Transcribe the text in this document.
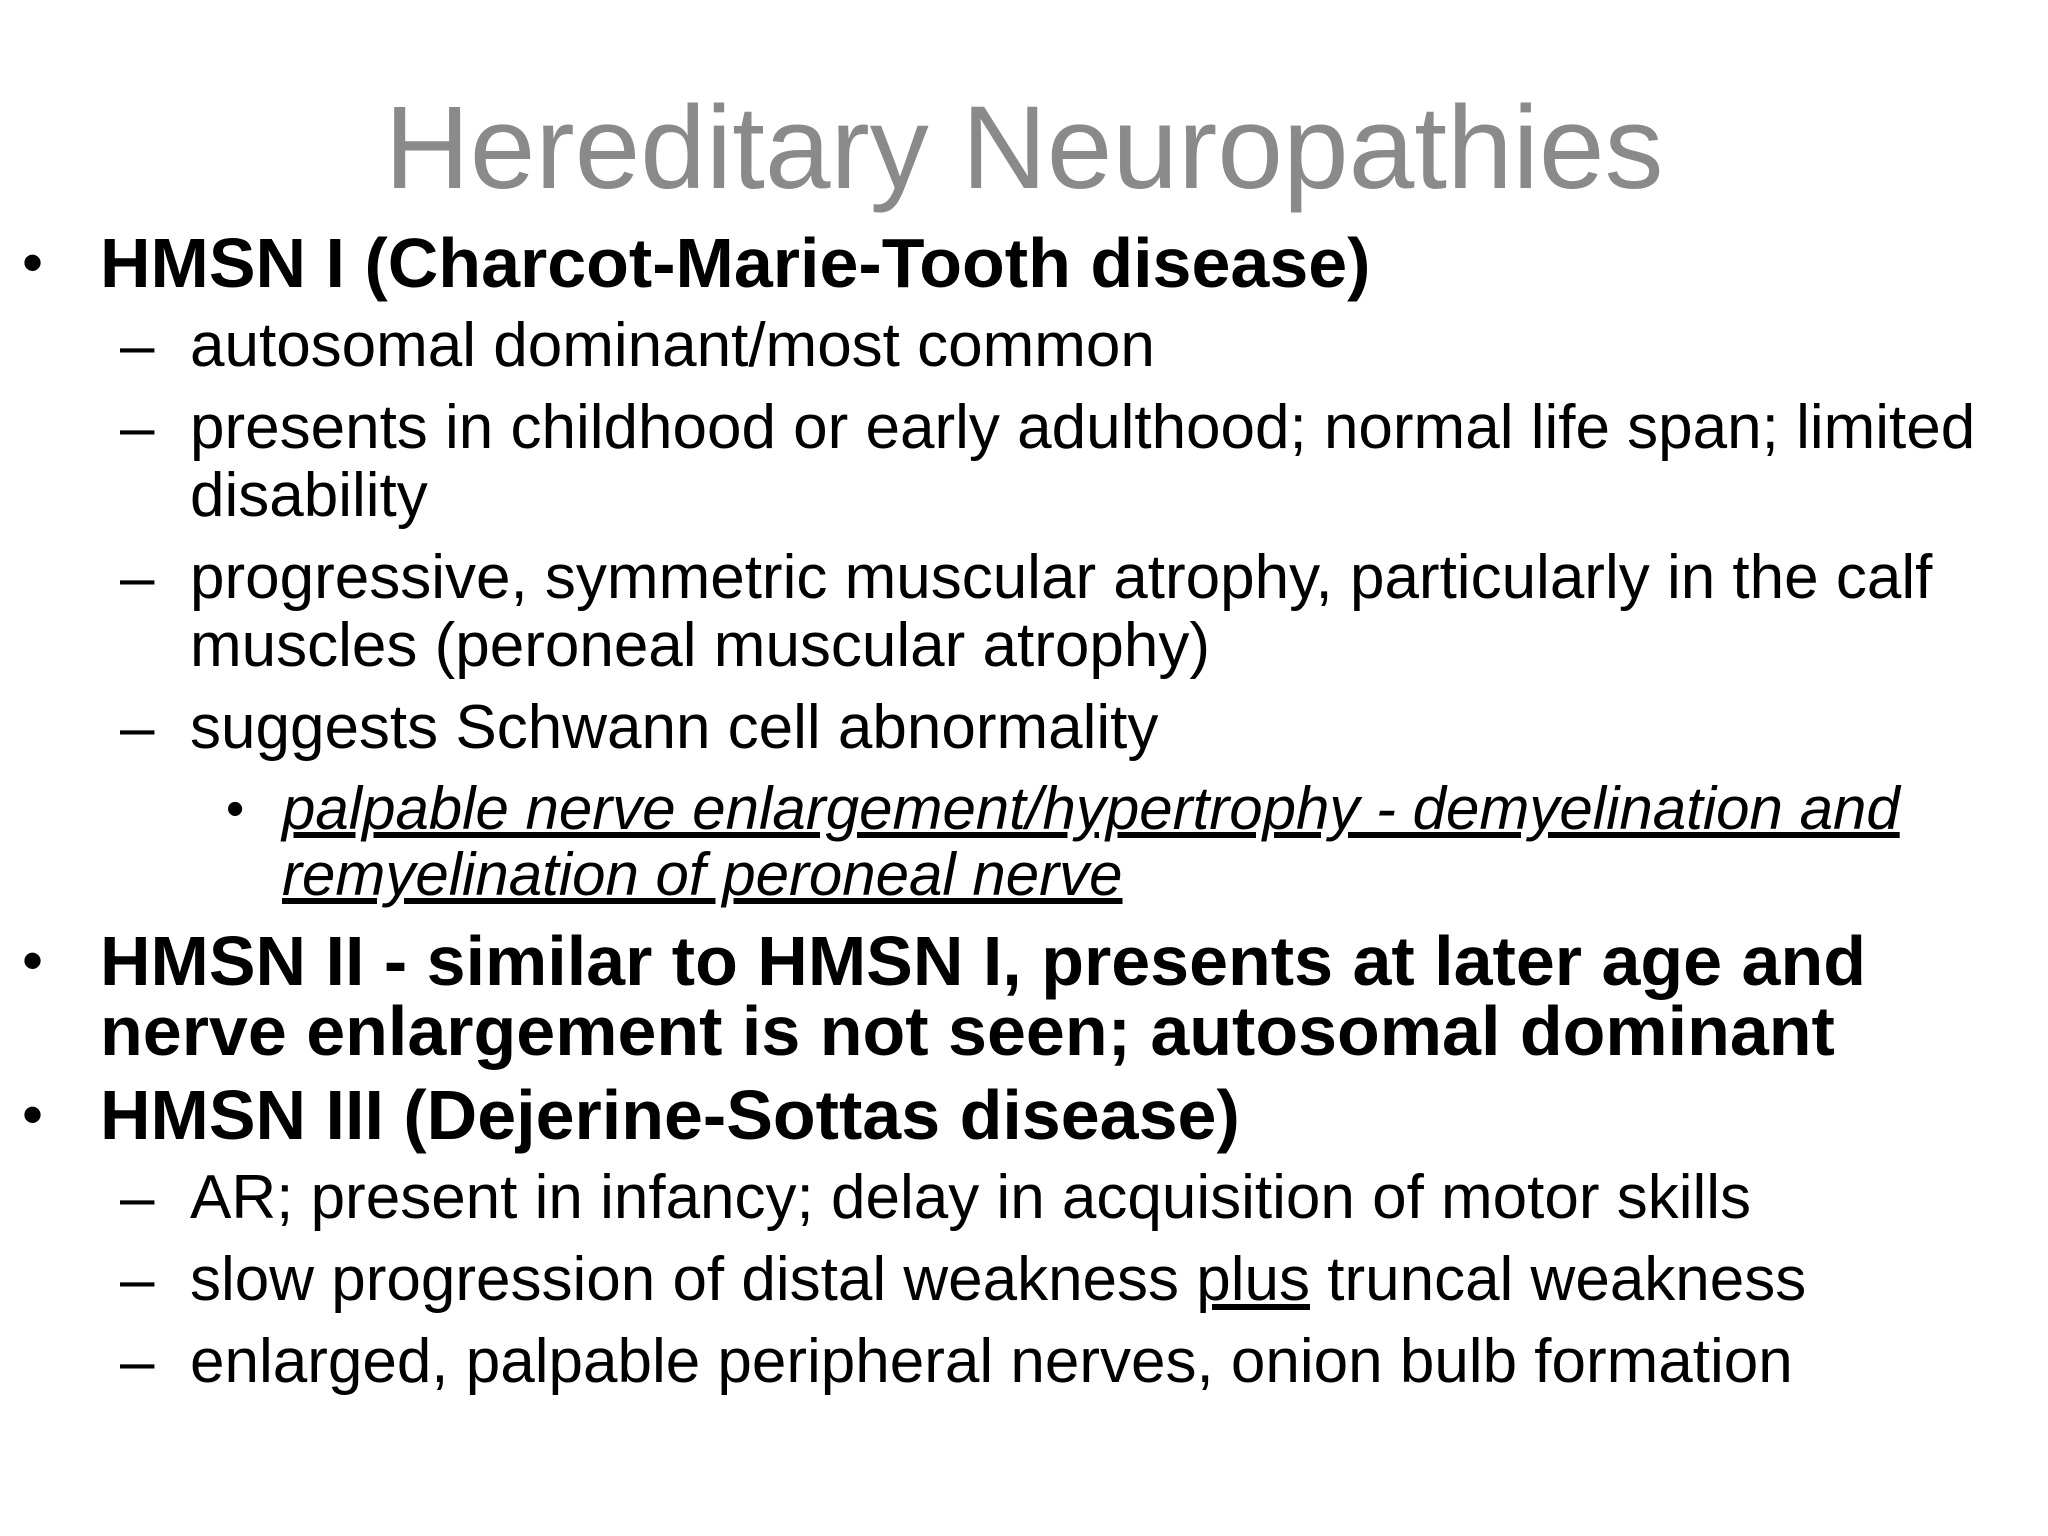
Hereditary Neuropathies
• HMSN I (Charcot-Marie-Tooth disease)
– autosomal dominant/most common
– presents in childhood or early adulthood; normal life span; limited disability
– progressive, symmetric muscular atrophy, particularly in the calf muscles (peroneal muscular atrophy)
– suggests Schwann cell abnormality
• palpable nerve enlargement/hypertrophy - demyelination and remyelination of peroneal nerve
• HMSN II - similar to HMSN I, presents at later age and nerve enlargement is not seen; autosomal dominant
• HMSN III (Dejerine-Sottas disease)
– AR; present in infancy; delay in acquisition of motor skills
– slow progression of distal weakness plus truncal weakness
– enlarged, palpable peripheral nerves, onion bulb formation
